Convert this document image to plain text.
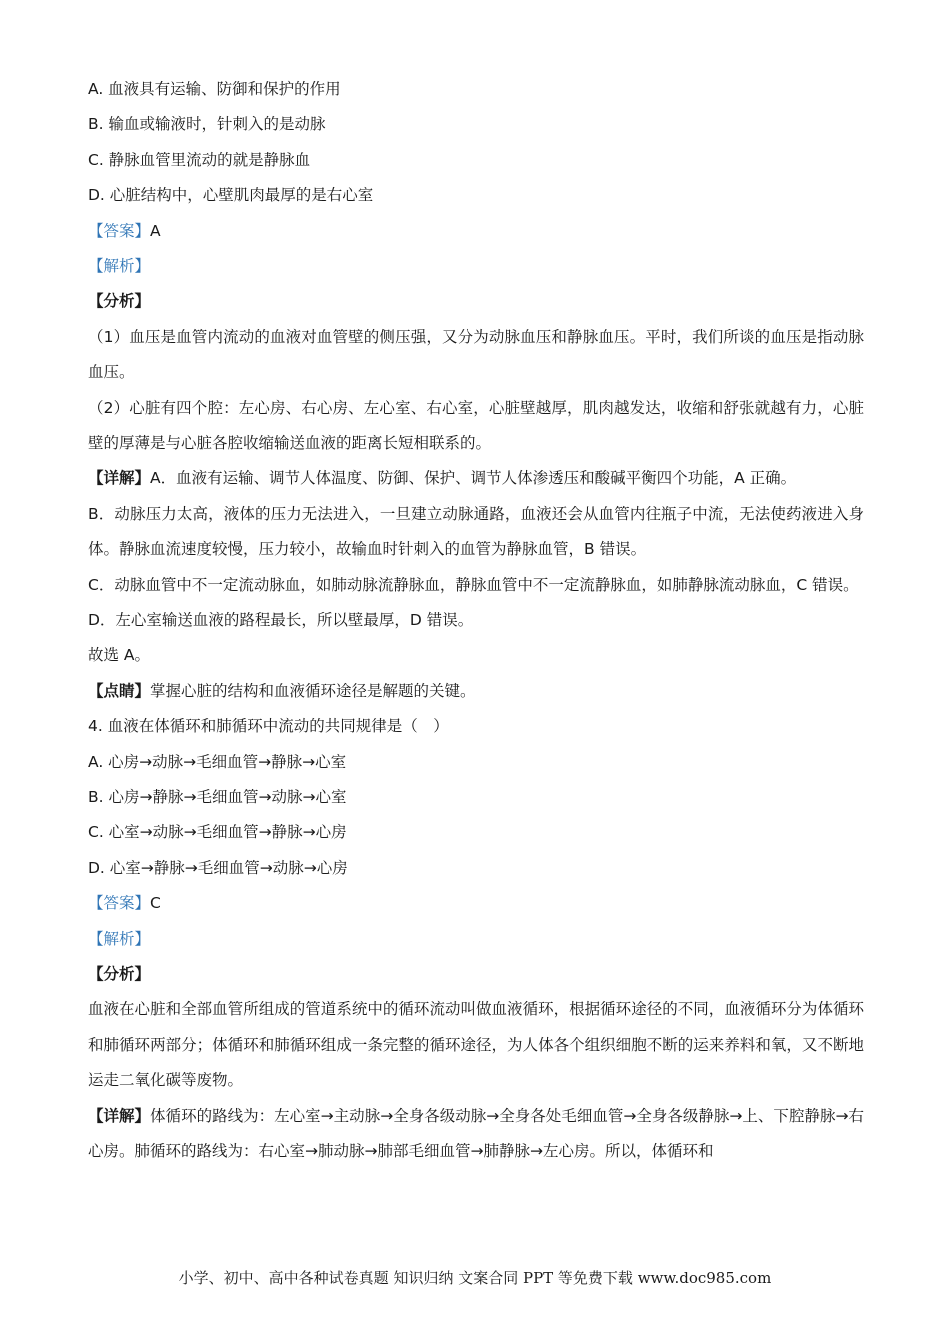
A. 血液具有运输、防御和保护的作用
B. 输血或输液时，针刺入的是动脉
C. 静脉血管里流动的就是静脉血
D. 心脏结构中，心壁肌肉最厚的是右心室
【答案】A
【解析】
【分析】
（1）血压是血管内流动的血液对血管壁的侧压强，又分为动脉血压和静脉血压。平时，我们所谈的血压是指动脉血压。
（2）心脏有四个腔：左心房、右心房、左心室、右心室，心脏壁越厚，肌肉越发达，收缩和舒张就越有力，心脏壁的厚薄是与心脏各腔收缩输送血液的距离长短相联系的。
【详解】A．血液有运输、调节人体温度、防御、保护、调节人体渗透压和酸碱平衡四个功能，A 正确。
B．动脉压力太高，液体的压力无法进入，一旦建立动脉通路，血液还会从血管内往瓶子中流，无法使药液进入身体。静脉血流速度较慢，压力较小，故输血时针刺入的血管为静脉血管，B 错误。
C．动脉血管中不一定流动脉血，如肺动脉流静脉血，静脉血管中不一定流静脉血，如肺静脉流动脉血，C 错误。
D．左心室输送血液的路程最长，所以壁最厚，D 错误。
故选 A。
【点睛】掌握心脏的结构和血液循环途径是解题的关键。
4. 血液在体循环和肺循环中流动的共同规律是（　）
A. 心房→动脉→毛细血管→静脉→心室
B. 心房→静脉→毛细血管→动脉→心室
C. 心室→动脉→毛细血管→静脉→心房
D. 心室→静脉→毛细血管→动脉→心房
【答案】C
【解析】
【分析】
血液在心脏和全部血管所组成的管道系统中的循环流动叫做血液循环，根据循环途径的不同，血液循环分为体循环和肺循环两部分；体循环和肺循环组成一条完整的循环途径，为人体各个组织细胞不断的运来养料和氧，又不断地运走二氧化碳等废物。
【详解】体循环的路线为：左心室→主动脉→全身各级动脉→全身各处毛细血管→全身各级静脉→上、下腔静脉→右心房。肺循环的路线为：右心室→肺动脉→肺部毛细血管→肺静脉→左心房。所以，体循环和
小学、初中、高中各种试卷真题 知识归纳 文案合同 PPT 等免费下载 www.doc985.com
